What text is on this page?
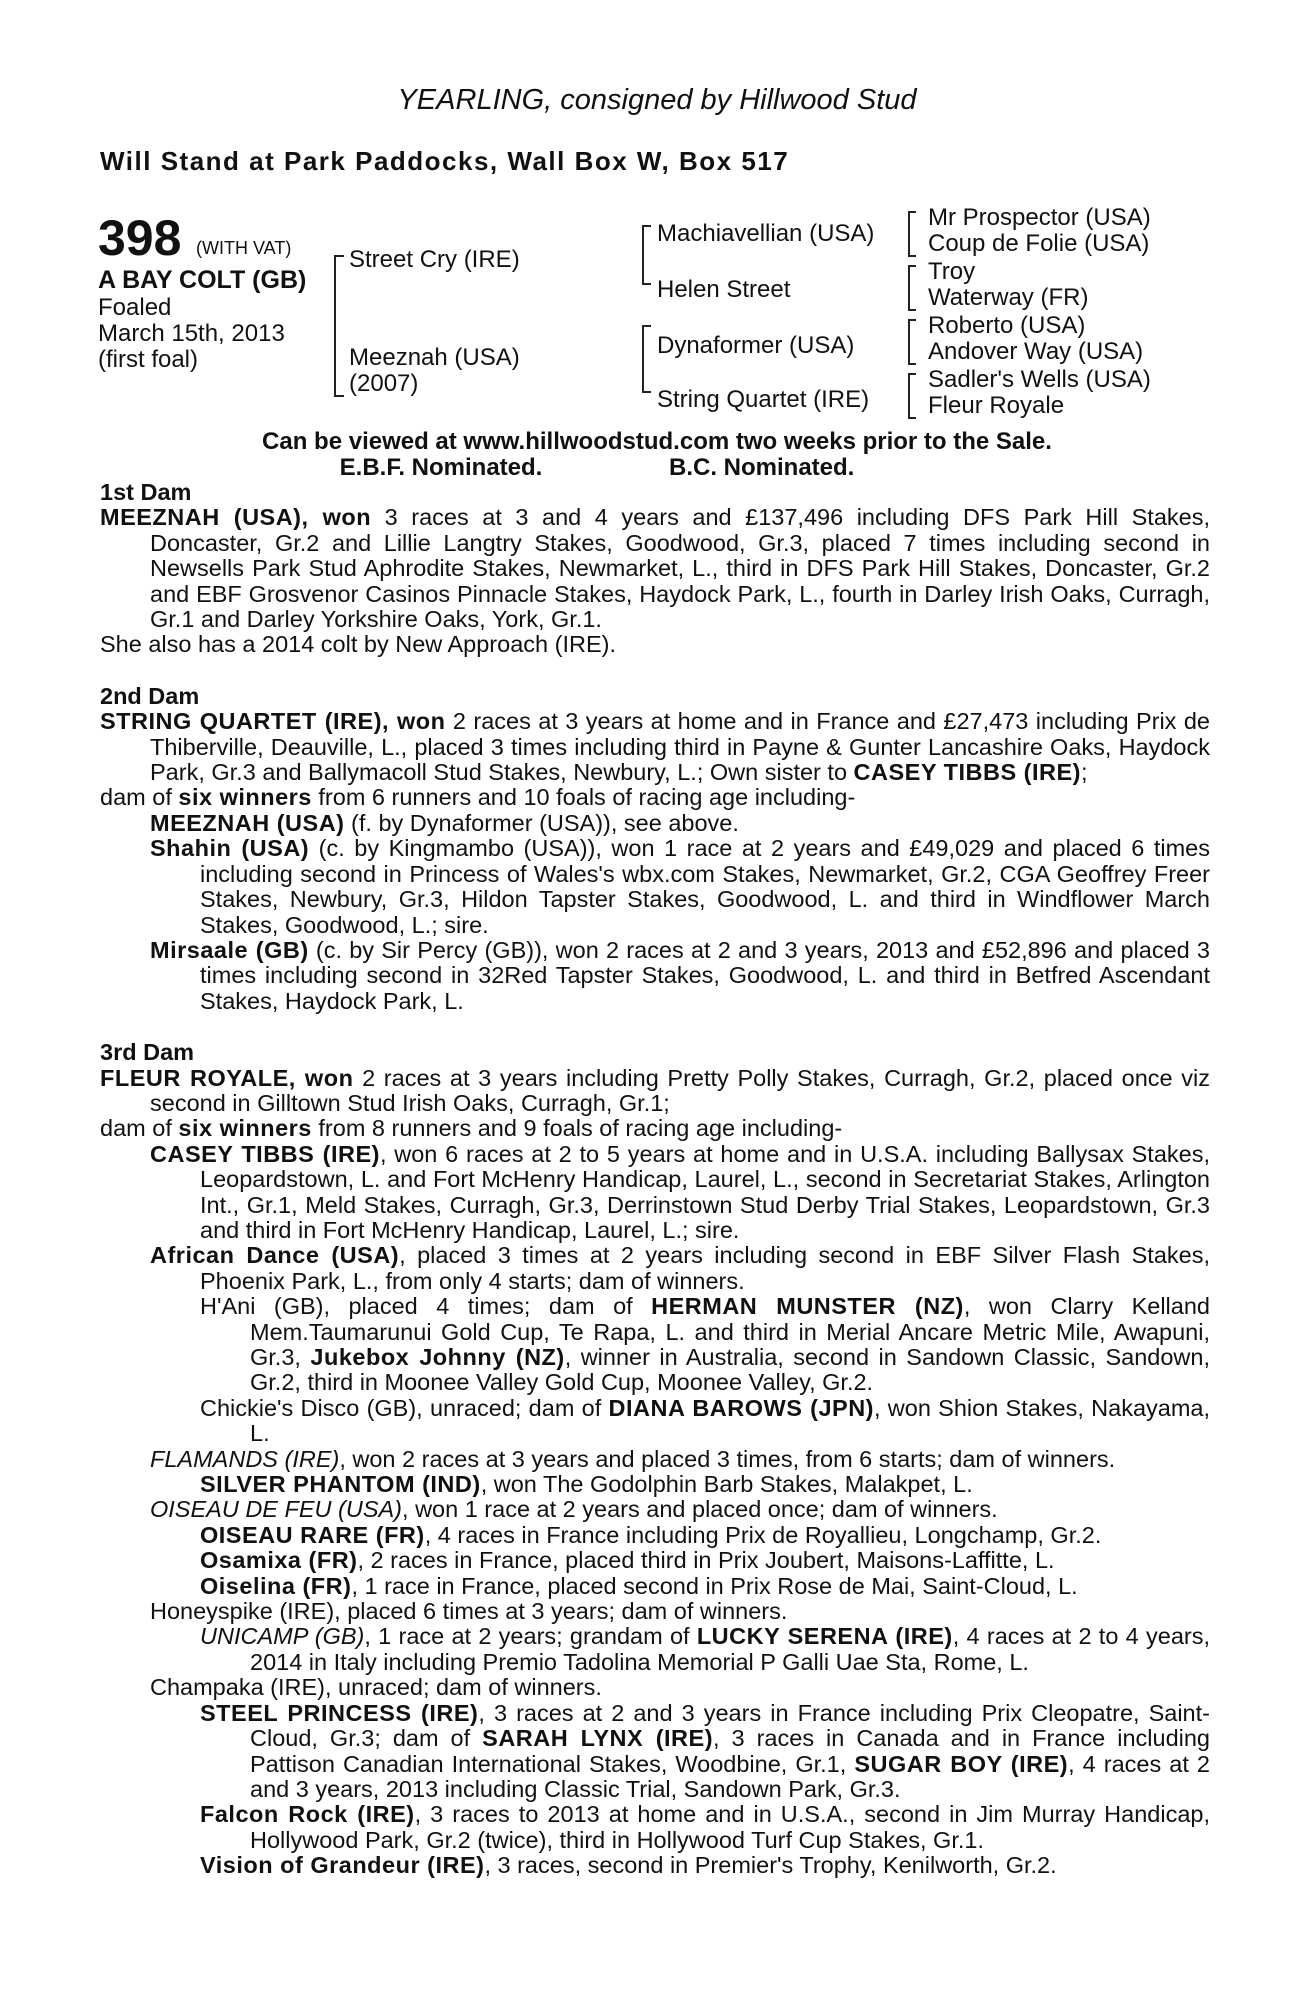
YEARLING, consigned by Hillwood Stud
Will Stand at Park Paddocks, Wall Box W, Box 517
398 (WITH VAT)
A BAY COLT (GB)
Foaled
March 15th, 2013
(first foal)
Street Cry (IRE)
Meeznah (USA)
(2007)
Machiavellian (USA)
Helen Street
Dynaformer (USA)
String Quartet (IRE)
Mr Prospector (USA)
Coup de Folie (USA)
Troy
Waterway (FR)
Roberto (USA)
Andover Way (USA)
Sadler's Wells (USA)
Fleur Royale
Can be viewed at www.hillwoodstud.com two weeks prior to the Sale.
E.B.F. Nominated.	B.C. Nominated.

1st Dam

MEEZNAH (USA), won 3 races at 3 and 4 years and £137,496 including DFS Park Hill Stakes, Doncaster, Gr.2 and Lillie Langtry Stakes, Goodwood, Gr.3, placed 7 times including second in Newsells Park Stud Aphrodite Stakes, Newmarket, L., third in DFS Park Hill Stakes, Doncaster, Gr.2 and EBF Grosvenor Casinos Pinnacle Stakes, Haydock Park, L., fourth in Darley Irish Oaks, Curragh, Gr.1 and Darley Yorkshire Oaks, York, Gr.1.

She also has a 2014 colt by New Approach (IRE).

2nd Dam

STRING QUARTET (IRE), won 2 races at 3 years at home and in France and £27,473 including Prix de Thiberville, Deauville, L., placed 3 times including third in Payne & Gunter Lancashire Oaks, Haydock Park, Gr.3 and Ballymacoll Stud Stakes, Newbury, L.; Own sister to CASEY TIBBS (IRE);

dam of six winners from 6 runners and 10 foals of racing age including-

MEEZNAH (USA) (f. by Dynaformer (USA)), see above.

Shahin (USA) (c. by Kingmambo (USA)), won 1 race at 2 years and £49,029 and placed 6 times including second in Princess of Wales's wbx.com Stakes, Newmarket, Gr.2, CGA Geoffrey Freer Stakes, Newbury, Gr.3, Hildon Tapster Stakes, Goodwood, L. and third in Windflower March Stakes, Goodwood, L.; sire.

Mirsaale (GB) (c. by Sir Percy (GB)), won 2 races at 2 and 3 years, 2013 and £52,896 and placed 3 times including second in 32Red Tapster Stakes, Goodwood, L. and third in Betfred Ascendant Stakes, Haydock Park, L.

3rd Dam

FLEUR ROYALE, won 2 races at 3 years including Pretty Polly Stakes, Curragh, Gr.2, placed once viz second in Gilltown Stud Irish Oaks, Curragh, Gr.1;

dam of six winners from 8 runners and 9 foals of racing age including-

CASEY TIBBS (IRE), won 6 races at 2 to 5 years at home and in U.S.A. including Ballysax Stakes, Leopardstown, L. and Fort McHenry Handicap, Laurel, L., second in Secretariat Stakes, Arlington Int., Gr.1, Meld Stakes, Curragh, Gr.3, Derrinstown Stud Derby Trial Stakes, Leopardstown, Gr.3 and third in Fort McHenry Handicap, Laurel, L.; sire.

African Dance (USA), placed 3 times at 2 years including second in EBF Silver Flash Stakes, Phoenix Park, L., from only 4 starts; dam of winners.

H'Ani (GB), placed 4 times; dam of HERMAN MUNSTER (NZ), won Clarry Kelland Mem.Taumarunui Gold Cup, Te Rapa, L. and third in Merial Ancare Metric Mile, Awapuni, Gr.3, Jukebox Johnny (NZ), winner in Australia, second in Sandown Classic, Sandown, Gr.2, third in Moonee Valley Gold Cup, Moonee Valley, Gr.2.

Chickie's Disco (GB), unraced; dam of DIANA BAROWS (JPN), won Shion Stakes, Nakayama, L.

FLAMANDS (IRE), won 2 races at 3 years and placed 3 times, from 6 starts; dam of winners.

SILVER PHANTOM (IND), won The Godolphin Barb Stakes, Malakpet, L.

OISEAU DE FEU (USA), won 1 race at 2 years and placed once; dam of winners.

OISEAU RARE (FR), 4 races in France including Prix de Royallieu, Longchamp, Gr.2.

Osamixa (FR), 2 races in France, placed third in Prix Joubert, Maisons-Laffitte, L.

Oiselina (FR), 1 race in France, placed second in Prix Rose de Mai, Saint-Cloud, L.

Honeyspike (IRE), placed 6 times at 3 years; dam of winners.

UNICAMP (GB), 1 race at 2 years; grandam of LUCKY SERENA (IRE), 4 races at 2 to 4 years, 2014 in Italy including Premio Tadolina Memorial P Galli Uae Sta, Rome, L.

Champaka (IRE), unraced; dam of winners.

STEEL PRINCESS (IRE), 3 races at 2 and 3 years in France including Prix Cleopatre, Saint-Cloud, Gr.3; dam of SARAH LYNX (IRE), 3 races in Canada and in France including Pattison Canadian International Stakes, Woodbine, Gr.1, SUGAR BOY (IRE), 4 races at 2 and 3 years, 2013 including Classic Trial, Sandown Park, Gr.3.

Falcon Rock (IRE), 3 races to 2013 at home and in U.S.A., second in Jim Murray Handicap, Hollywood Park, Gr.2 (twice), third in Hollywood Turf Cup Stakes, Gr.1.

Vision of Grandeur (IRE), 3 races, second in Premier's Trophy, Kenilworth, Gr.2.
